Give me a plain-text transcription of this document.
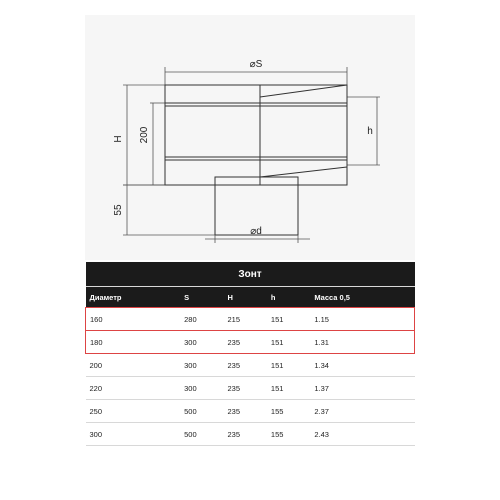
⌀S
H 200
55
h
⌀d
Зонт				
Диаметр	S	H	h	Масса 0,5
160	280	215	151	1.15
180	300	235	151	1.31
200	300	235	151	1.34
220	300	235	151	1.37
250	500	235	155	2.37
300	500	235	155	2.43
